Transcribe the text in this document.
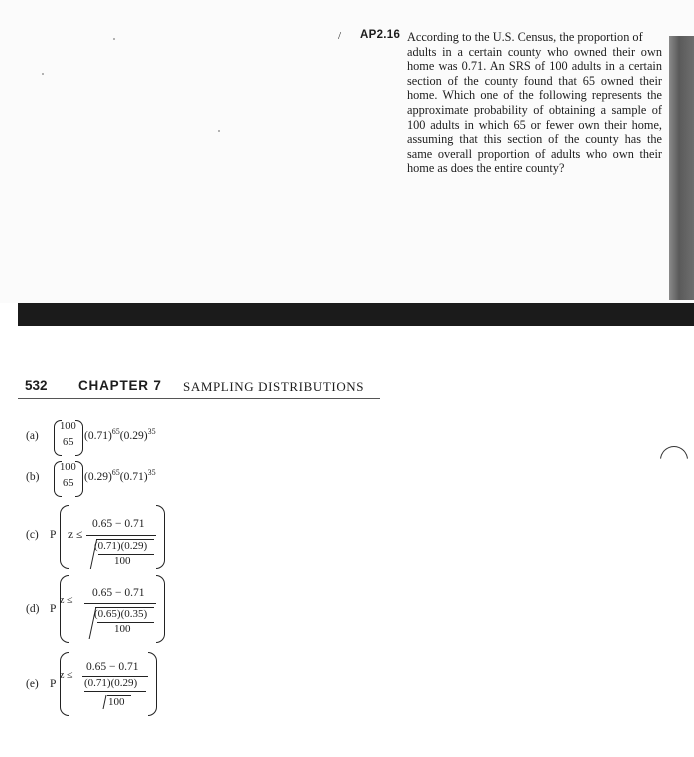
/ AP2.16 According to the U.S. Census, the proportion of
adults in a certain county who owned their own home was 0.71. An SRS of 100 adults in a certain section of the county found that 65 owned their home. Which one of the following represents the approximate probability of obtaining a sample of 100 adults in which 65 or fewer own their home, assuming that this section of the county has the same overall proportion of adults who own their home as does the entire county?
532 CHAPTER 7 SAMPLING DISTRIBUTIONS
(a)
100
65
$(0.71)^{65}(0.29)^{35}$
(b)
100
65
$(0.29)^{65}(0.71)^{35}$
(c) P z ≤
0.65 − 0.71
(0.71)(0.29)
100
(d) P
z ≤
0.65 − 0.71
(0.65)(0.35)
100
(e) P
z ≤
0.65 − 0.71
(0.71)(0.29)
100
